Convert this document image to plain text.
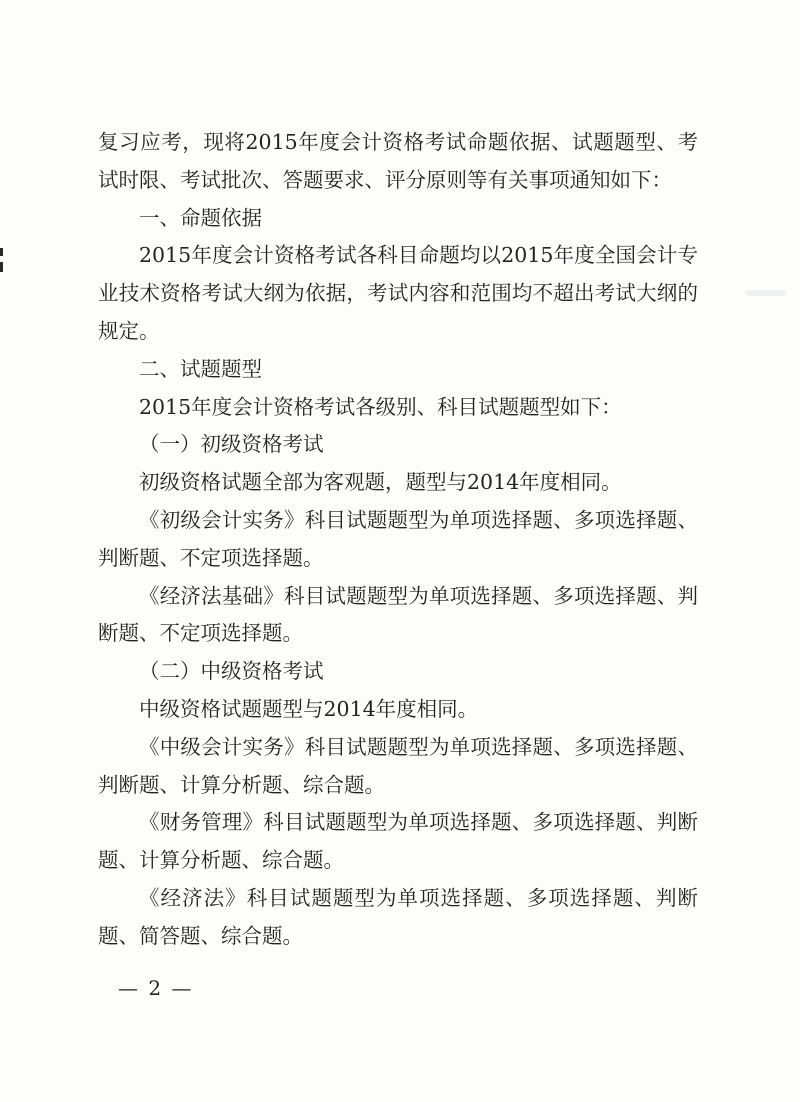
复习应考，现将2015年度会计资格考试命题依据、试题题型、考试时限、考试批次、答题要求、评分原则等有关事项通知如下：

一、命题依据

2015年度会计资格考试各科目命题均以2015年度全国会计专业技术资格考试大纲为依据，考试内容和范围均不超出考试大纲的规定。

二、试题题型

2015年度会计资格考试各级别、科目试题题型如下：

（一）初级资格考试

初级资格试题全部为客观题，题型与2014年度相同。

《初级会计实务》科目试题题型为单项选择题、多项选择题、判断题、不定项选择题。

《经济法基础》科目试题题型为单项选择题、多项选择题、判断题、不定项选择题。

（二）中级资格考试

中级资格试题题型与2014年度相同。

《中级会计实务》科目试题题型为单项选择题、多项选择题、判断题、计算分析题、综合题。

《财务管理》科目试题题型为单项选择题、多项选择题、判断题、计算分析题、综合题。

《经济法》科目试题题型为单项选择题、多项选择题、判断题、简答题、综合题。

— 2 —
